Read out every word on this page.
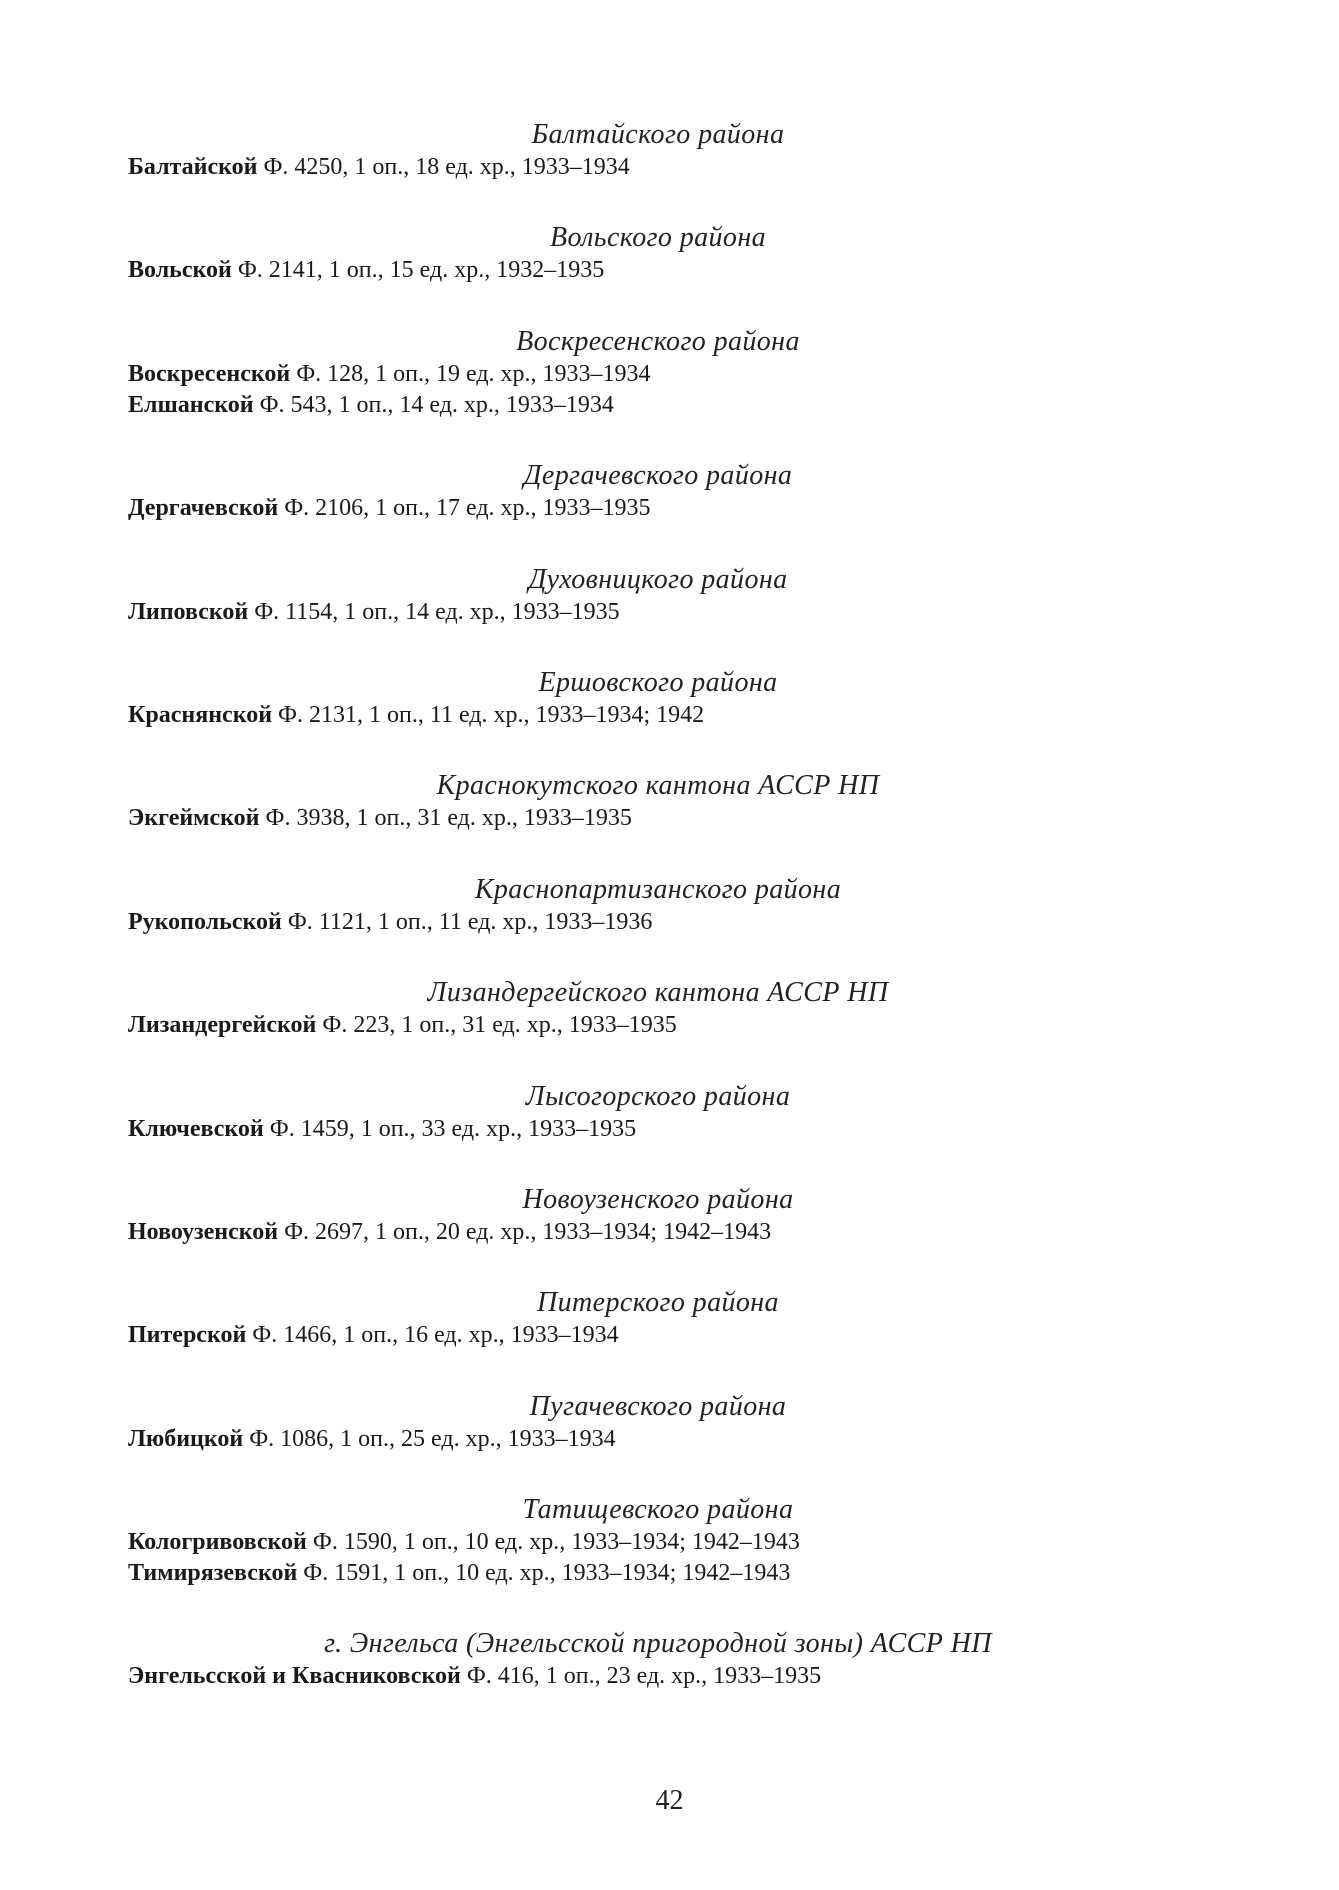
Балтайского района
Балтайской Ф. 4250, 1 оп., 18 ед. хр., 1933–1934
Вольского района
Вольской Ф. 2141, 1 оп., 15 ед. хр., 1932–1935
Воскресенского района
Воскресенской Ф. 128, 1 оп., 19 ед. хр., 1933–1934
Елшанской Ф. 543, 1 оп., 14 ед. хр., 1933–1934
Дергачевского района
Дергачевской Ф. 2106, 1 оп., 17 ед. хр., 1933–1935
Духовницкого района
Липовской Ф. 1154, 1 оп., 14 ед. хр., 1933–1935
Ершовского района
Краснянской Ф. 2131, 1 оп., 11 ед. хр., 1933–1934; 1942
Краснокутского кантона АССР НП
Экгеймской Ф. 3938, 1 оп., 31 ед. хр., 1933–1935
Краснопартизанского района
Рукопольской Ф. 1121, 1 оп., 11 ед. хр., 1933–1936
Лизандергейского кантона АССР НП
Лизандергейской Ф. 223, 1 оп., 31 ед. хр., 1933–1935
Лысогорского района
Ключевской Ф. 1459, 1 оп., 33 ед. хр., 1933–1935
Новоузенского района
Новоузенской Ф. 2697, 1 оп., 20 ед. хр., 1933–1934; 1942–1943
Питерского района
Питерской Ф. 1466, 1 оп., 16 ед. хр., 1933–1934
Пугачевского района
Любицкой Ф. 1086, 1 оп., 25 ед. хр., 1933–1934
Татищевского района
Кологривовской Ф. 1590, 1 оп., 10 ед. хр., 1933–1934; 1942–1943
Тимирязевской Ф. 1591, 1 оп., 10 ед. хр., 1933–1934; 1942–1943
г. Энгельса (Энгельсской пригородной зоны) АССР НП
Энгельсской и Квасниковской Ф. 416, 1 оп., 23 ед. хр., 1933–1935
42
